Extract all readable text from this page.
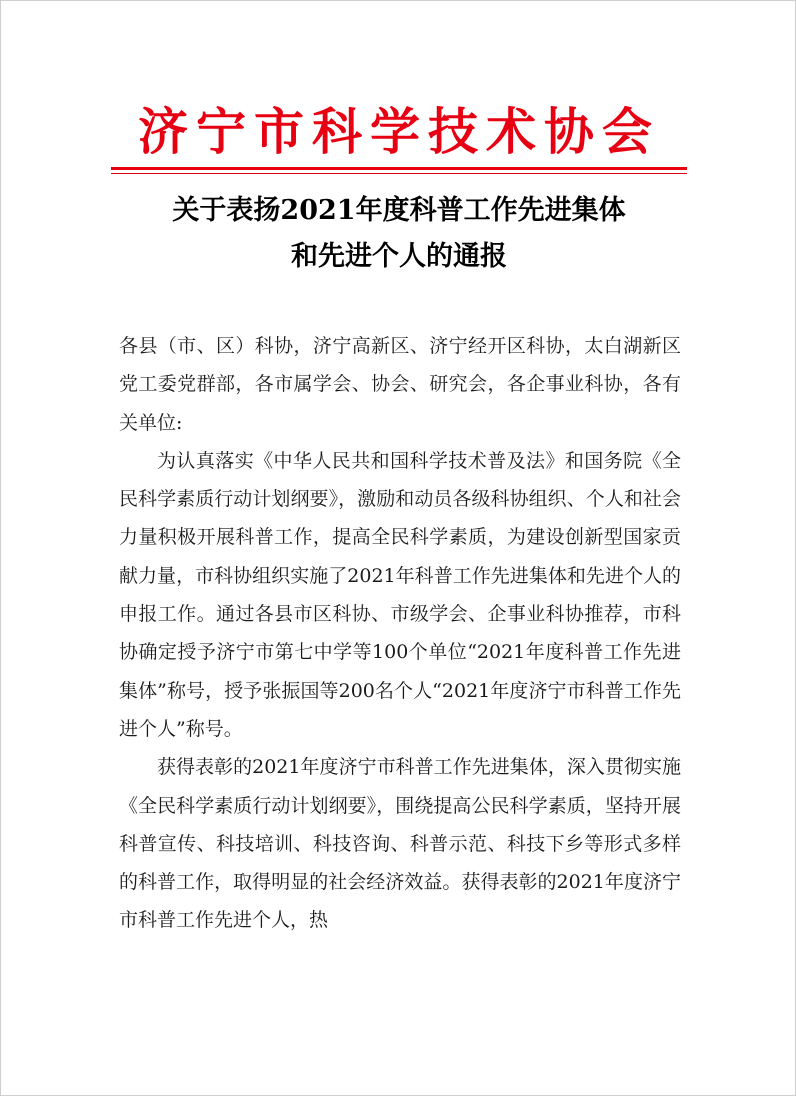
济宁市科学技术协会
关于表扬2021年度科普工作先进集体
和先进个人的通报

各县（市、区）科协，济宁高新区、济宁经开区科协，太白湖新区党工委党群部，各市属学会、协会、研究会，各企事业科协，各有关单位:

为认真落实《中华人民共和国科学技术普及法》和国务院《全民科学素质行动计划纲要》，激励和动员各级科协组织、个人和社会力量积极开展科普工作，提高全民科学素质，为建设创新型国家贡献力量，市科协组织实施了2021年科普工作先进集体和先进个人的申报工作。通过各县市区科协、市级学会、企事业科协推荐，市科协确定授予济宁市第七中学等100个单位“2021年度科普工作先进集体”称号，授予张振国等200名个人“2021年度济宁市科普工作先进个人”称号。

获得表彰的2021年度济宁市科普工作先进集体，深入贯彻实施《全民科学素质行动计划纲要》，围绕提高公民科学素质，坚持开展科普宣传、科技培训、科技咨询、科普示范、科技下乡等形式多样的科普工作，取得明显的社会经济效益。获得表彰的2021年度济宁市科普工作先进个人，热
